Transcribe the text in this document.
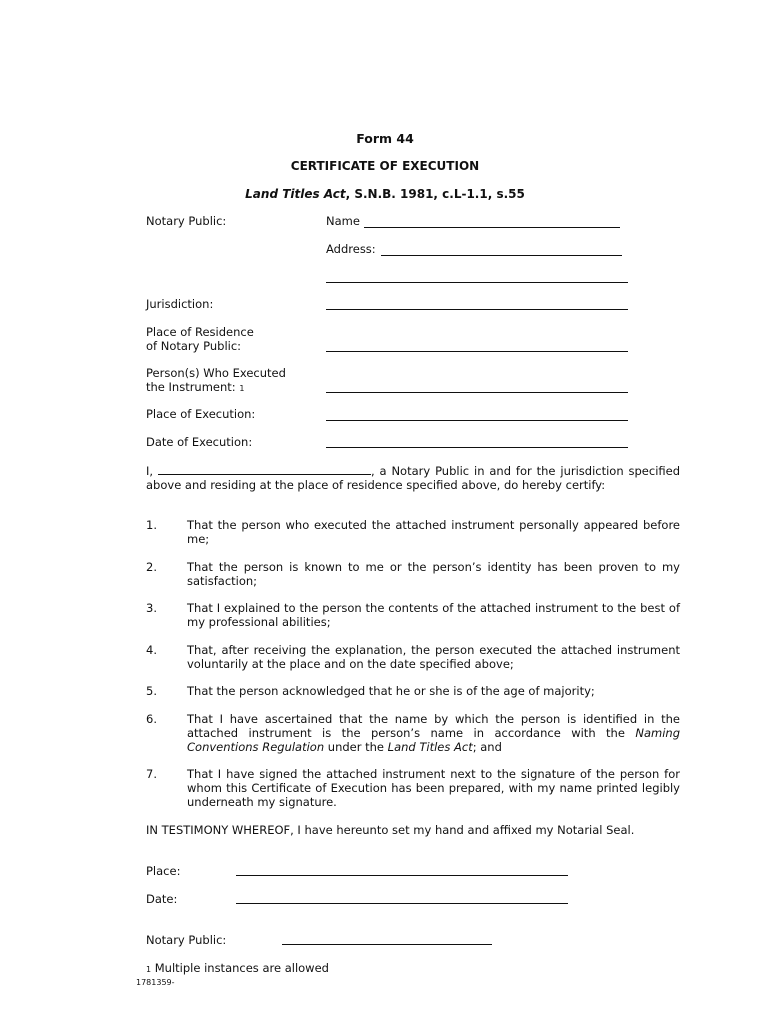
Form 44
CERTIFICATE OF EXECUTION
Land Titles Act, S.N.B. 1981, c.L-1.1, s.55
Notary Public:	Name
Address:
Jurisdiction:
Place of Residence
of Notary Public:
Person(s) Who Executed
the Instrument: 1
Place of Execution:
Date of Execution:
I,	, a Notary Public in and for the jurisdiction specified above and residing at the place of residence specified above, do hereby certify:
1.	That the person who executed the attached instrument personally appeared before me;
2.	That the person is known to me or the person’s identity has been proven to my satisfaction;
3.	That I explained to the person the contents of the attached instrument to the best of my professional abilities;
4.	That, after receiving the explanation, the person executed the attached instrument voluntarily at the place and on the date specified above;
5.	That the person acknowledged that he or she is of the age of majority;
6.	That I have ascertained that the name by which the person is identified in the attached instrument is the person’s name in accordance with the Naming Conventions Regulation under the Land Titles Act; and
7.	That I have signed the attached instrument next to the signature of the person for whom this Certificate of Execution has been prepared, with my name printed legibly underneath my signature.
IN TESTIMONY WHEREOF, I have hereunto set my hand and affixed my Notarial Seal.
Place:
Date:
Notary Public:
1 Multiple instances are allowed
1781359-
